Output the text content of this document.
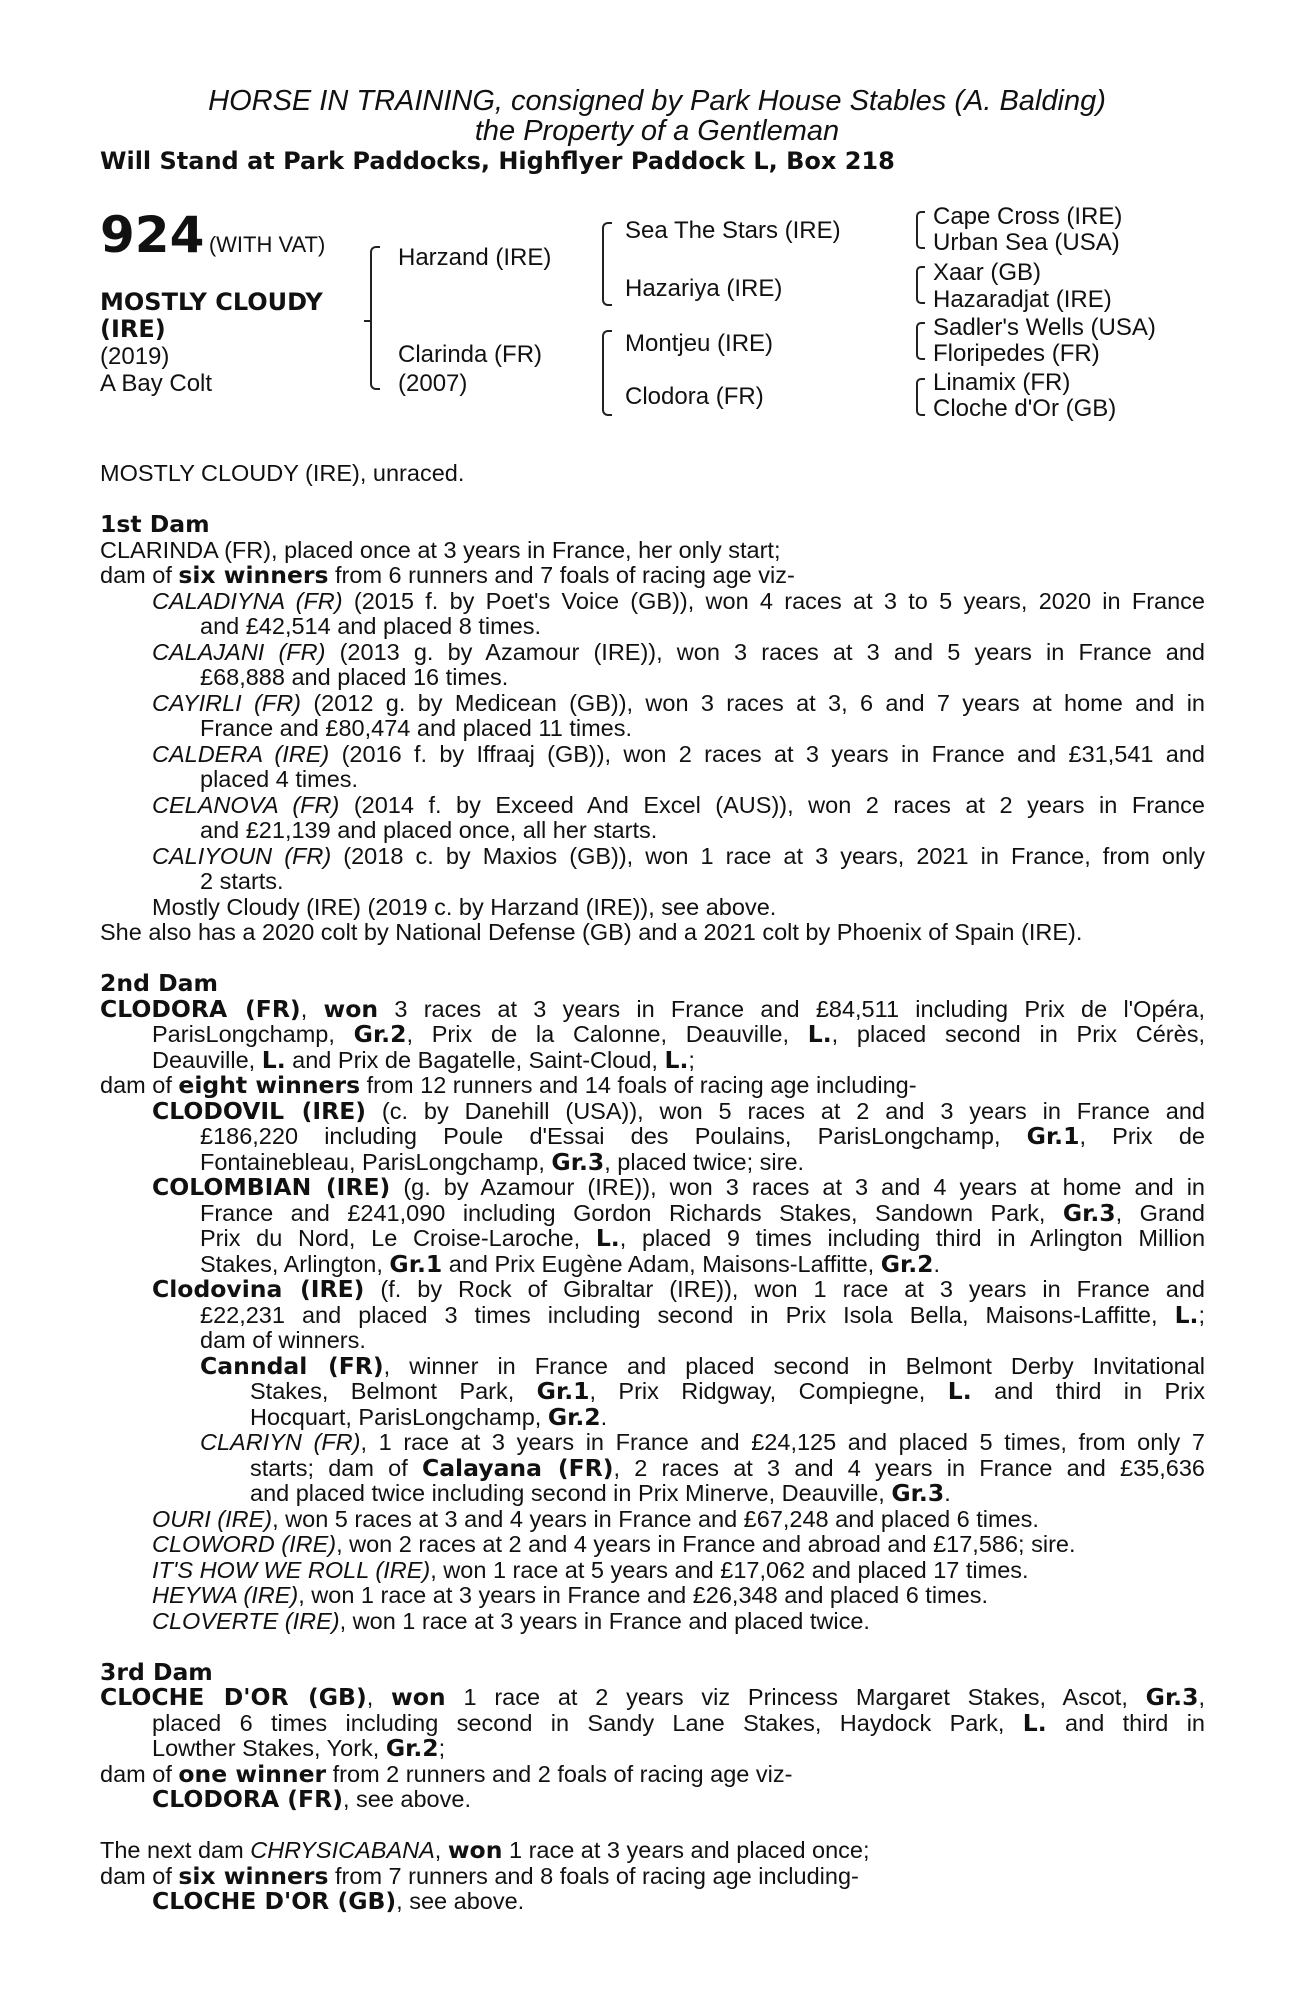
HORSE IN TRAINING, consigned by Park House Stables (A. Balding)
the Property of a Gentleman
Will Stand at Park Paddocks, Highflyer Paddock L, Box 218
924 (WITH VAT)
MOSTLY CLOUDY
(IRE)
(2019)
A Bay Colt
Harzand (IRE)
Clarinda (FR)
(2007)
Sea The Stars (IRE)
Hazariya (IRE)
Montjeu (IRE)
Clodora (FR)
Cape Cross (IRE)
Urban Sea (USA)
Xaar (GB)
Hazaradjat (IRE)
Sadler's Wells (USA)
Floripedes (FR)
Linamix (FR)
Cloche d'Or (GB)
MOSTLY CLOUDY (IRE), unraced.
1st Dam
CLARINDA (FR), placed once at 3 years in France, her only start;
dam of six winners from 6 runners and 7 foals of racing age viz-
CALADIYNA (FR) (2015 f. by Poet's Voice (GB)), won 4 races at 3 to 5 years, 2020 in France
and £42,514 and placed 8 times.
CALAJANI (FR) (2013 g. by Azamour (IRE)), won 3 races at 3 and 5 years in France and
£68,888 and placed 16 times.
CAYIRLI (FR) (2012 g. by Medicean (GB)), won 3 races at 3, 6 and 7 years at home and in
France and £80,474 and placed 11 times.
CALDERA (IRE) (2016 f. by Iffraaj (GB)), won 2 races at 3 years in France and £31,541 and
placed 4 times.
CELANOVA (FR) (2014 f. by Exceed And Excel (AUS)), won 2 races at 2 years in France
and £21,139 and placed once, all her starts.
CALIYOUN (FR) (2018 c. by Maxios (GB)), won 1 race at 3 years, 2021 in France, from only
2 starts.
Mostly Cloudy (IRE) (2019 c. by Harzand (IRE)), see above.
She also has a 2020 colt by National Defense (GB) and a 2021 colt by Phoenix of Spain (IRE).
2nd Dam
CLODORA (FR), won 3 races at 3 years in France and £84,511 including Prix de l'Opéra,
ParisLongchamp, Gr.2, Prix de la Calonne, Deauville, L., placed second in Prix Cérès,
Deauville, L. and Prix de Bagatelle, Saint-Cloud, L.;
dam of eight winners from 12 runners and 14 foals of racing age including-
CLODOVIL (IRE) (c. by Danehill (USA)), won 5 races at 2 and 3 years in France and
£186,220 including Poule d'Essai des Poulains, ParisLongchamp, Gr.1, Prix de
Fontainebleau, ParisLongchamp, Gr.3, placed twice; sire.
COLOMBIAN (IRE) (g. by Azamour (IRE)), won 3 races at 3 and 4 years at home and in
France and £241,090 including Gordon Richards Stakes, Sandown Park, Gr.3, Grand
Prix du Nord, Le Croise-Laroche, L., placed 9 times including third in Arlington Million
Stakes, Arlington, Gr.1 and Prix Eugène Adam, Maisons-Laffitte, Gr.2.
Clodovina (IRE) (f. by Rock of Gibraltar (IRE)), won 1 race at 3 years in France and
£22,231 and placed 3 times including second in Prix Isola Bella, Maisons-Laffitte, L.;
dam of winners.
Canndal (FR), winner in France and placed second in Belmont Derby Invitational
Stakes, Belmont Park, Gr.1, Prix Ridgway, Compiegne, L. and third in Prix
Hocquart, ParisLongchamp, Gr.2.
CLARIYN (FR), 1 race at 3 years in France and £24,125 and placed 5 times, from only 7
starts; dam of Calayana (FR), 2 races at 3 and 4 years in France and £35,636
and placed twice including second in Prix Minerve, Deauville, Gr.3.
OURI (IRE), won 5 races at 3 and 4 years in France and £67,248 and placed 6 times.
CLOWORD (IRE), won 2 races at 2 and 4 years in France and abroad and £17,586; sire.
IT'S HOW WE ROLL (IRE), won 1 race at 5 years and £17,062 and placed 17 times.
HEYWA (IRE), won 1 race at 3 years in France and £26,348 and placed 6 times.
CLOVERTE (IRE), won 1 race at 3 years in France and placed twice.
3rd Dam
CLOCHE D'OR (GB), won 1 race at 2 years viz Princess Margaret Stakes, Ascot, Gr.3,
placed 6 times including second in Sandy Lane Stakes, Haydock Park, L. and third in
Lowther Stakes, York, Gr.2;
dam of one winner from 2 runners and 2 foals of racing age viz-
CLODORA (FR), see above.
The next dam CHRYSICABANA, won 1 race at 3 years and placed once;
dam of six winners from 7 runners and 8 foals of racing age including-
CLOCHE D'OR (GB), see above.
